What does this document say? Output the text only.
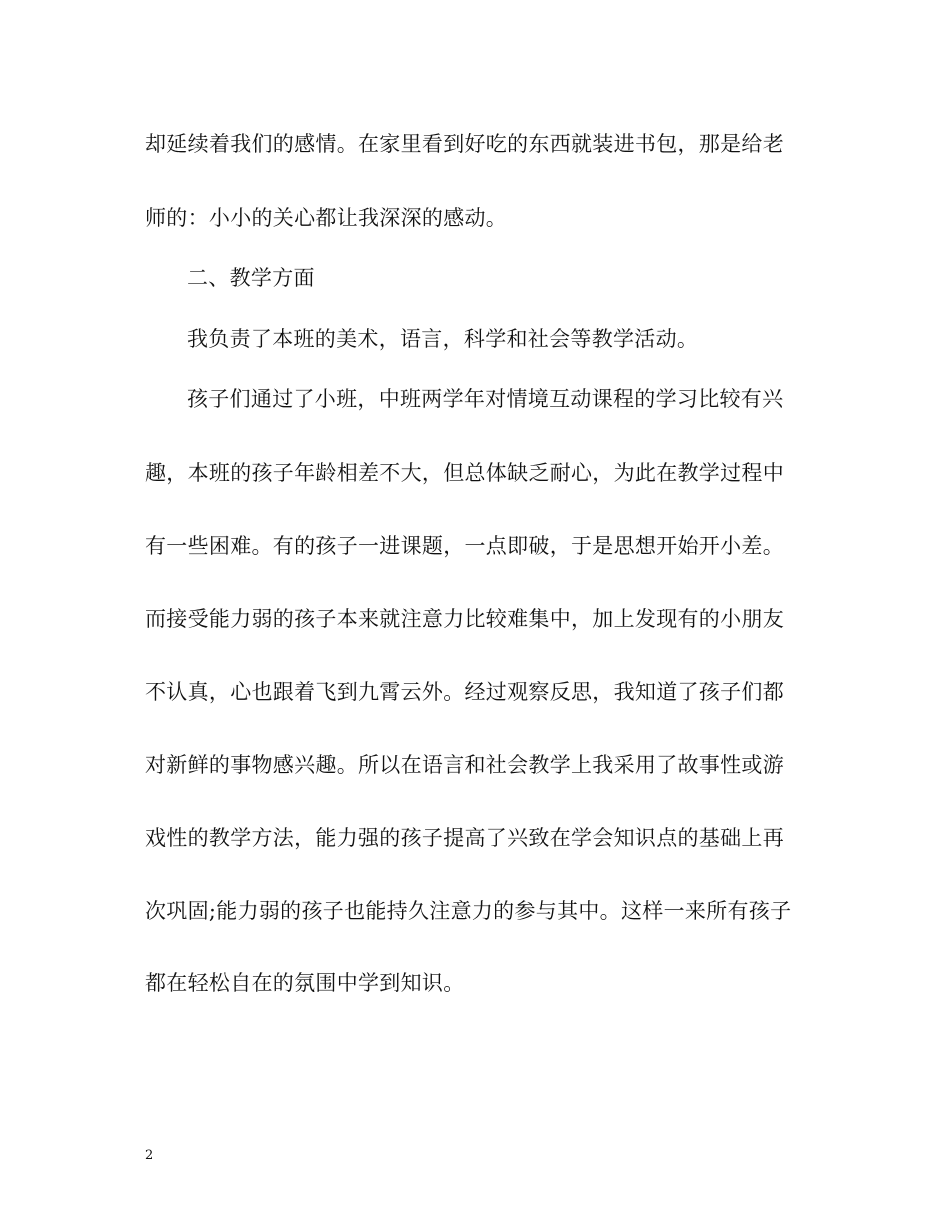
却延续着我们的感情。在家里看到好吃的东西就装进书包，那是给老
师的：小小的关心都让我深深的感动。
二、教学方面
我负责了本班的美术，语言，科学和社会等教学活动。
孩子们通过了小班，中班两学年对情境互动课程的学习比较有兴
趣，本班的孩子年龄相差不大，但总体缺乏耐心，为此在教学过程中
有一些困难。有的孩子一进课题，一点即破，于是思想开始开小差。
而接受能力弱的孩子本来就注意力比较难集中，加上发现有的小朋友
不认真，心也跟着飞到九霄云外。经过观察反思，我知道了孩子们都
对新鲜的事物感兴趣。所以在语言和社会教学上我采用了故事性或游
戏性的教学方法，能力强的孩子提高了兴致在学会知识点的基础上再
次巩固;能力弱的孩子也能持久注意力的参与其中。这样一来所有孩子
都在轻松自在的氛围中学到知识。
2
